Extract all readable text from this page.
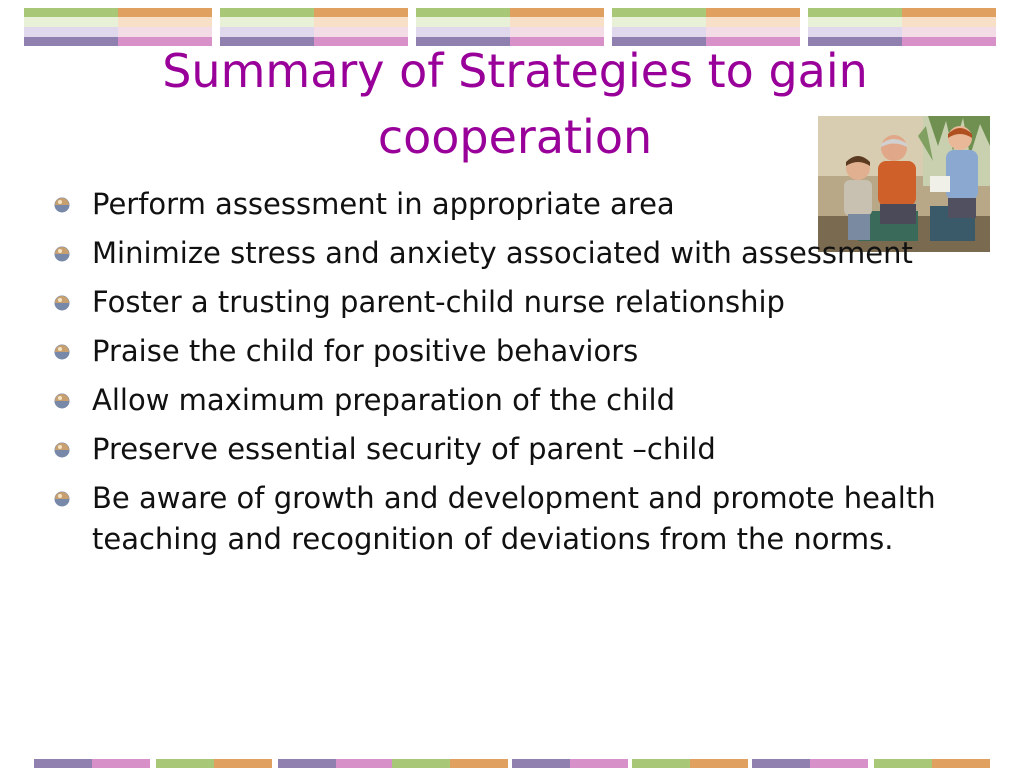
Summary of Strategies to gain cooperation
Perform assessment in appropriate area
Minimize stress and anxiety associated with assessment
Foster a trusting parent-child nurse relationship
Praise the child for positive behaviors
Allow maximum preparation of the child
Preserve essential security of parent –child
Be aware of growth and development and promote health teaching and recognition of deviations from the norms.
